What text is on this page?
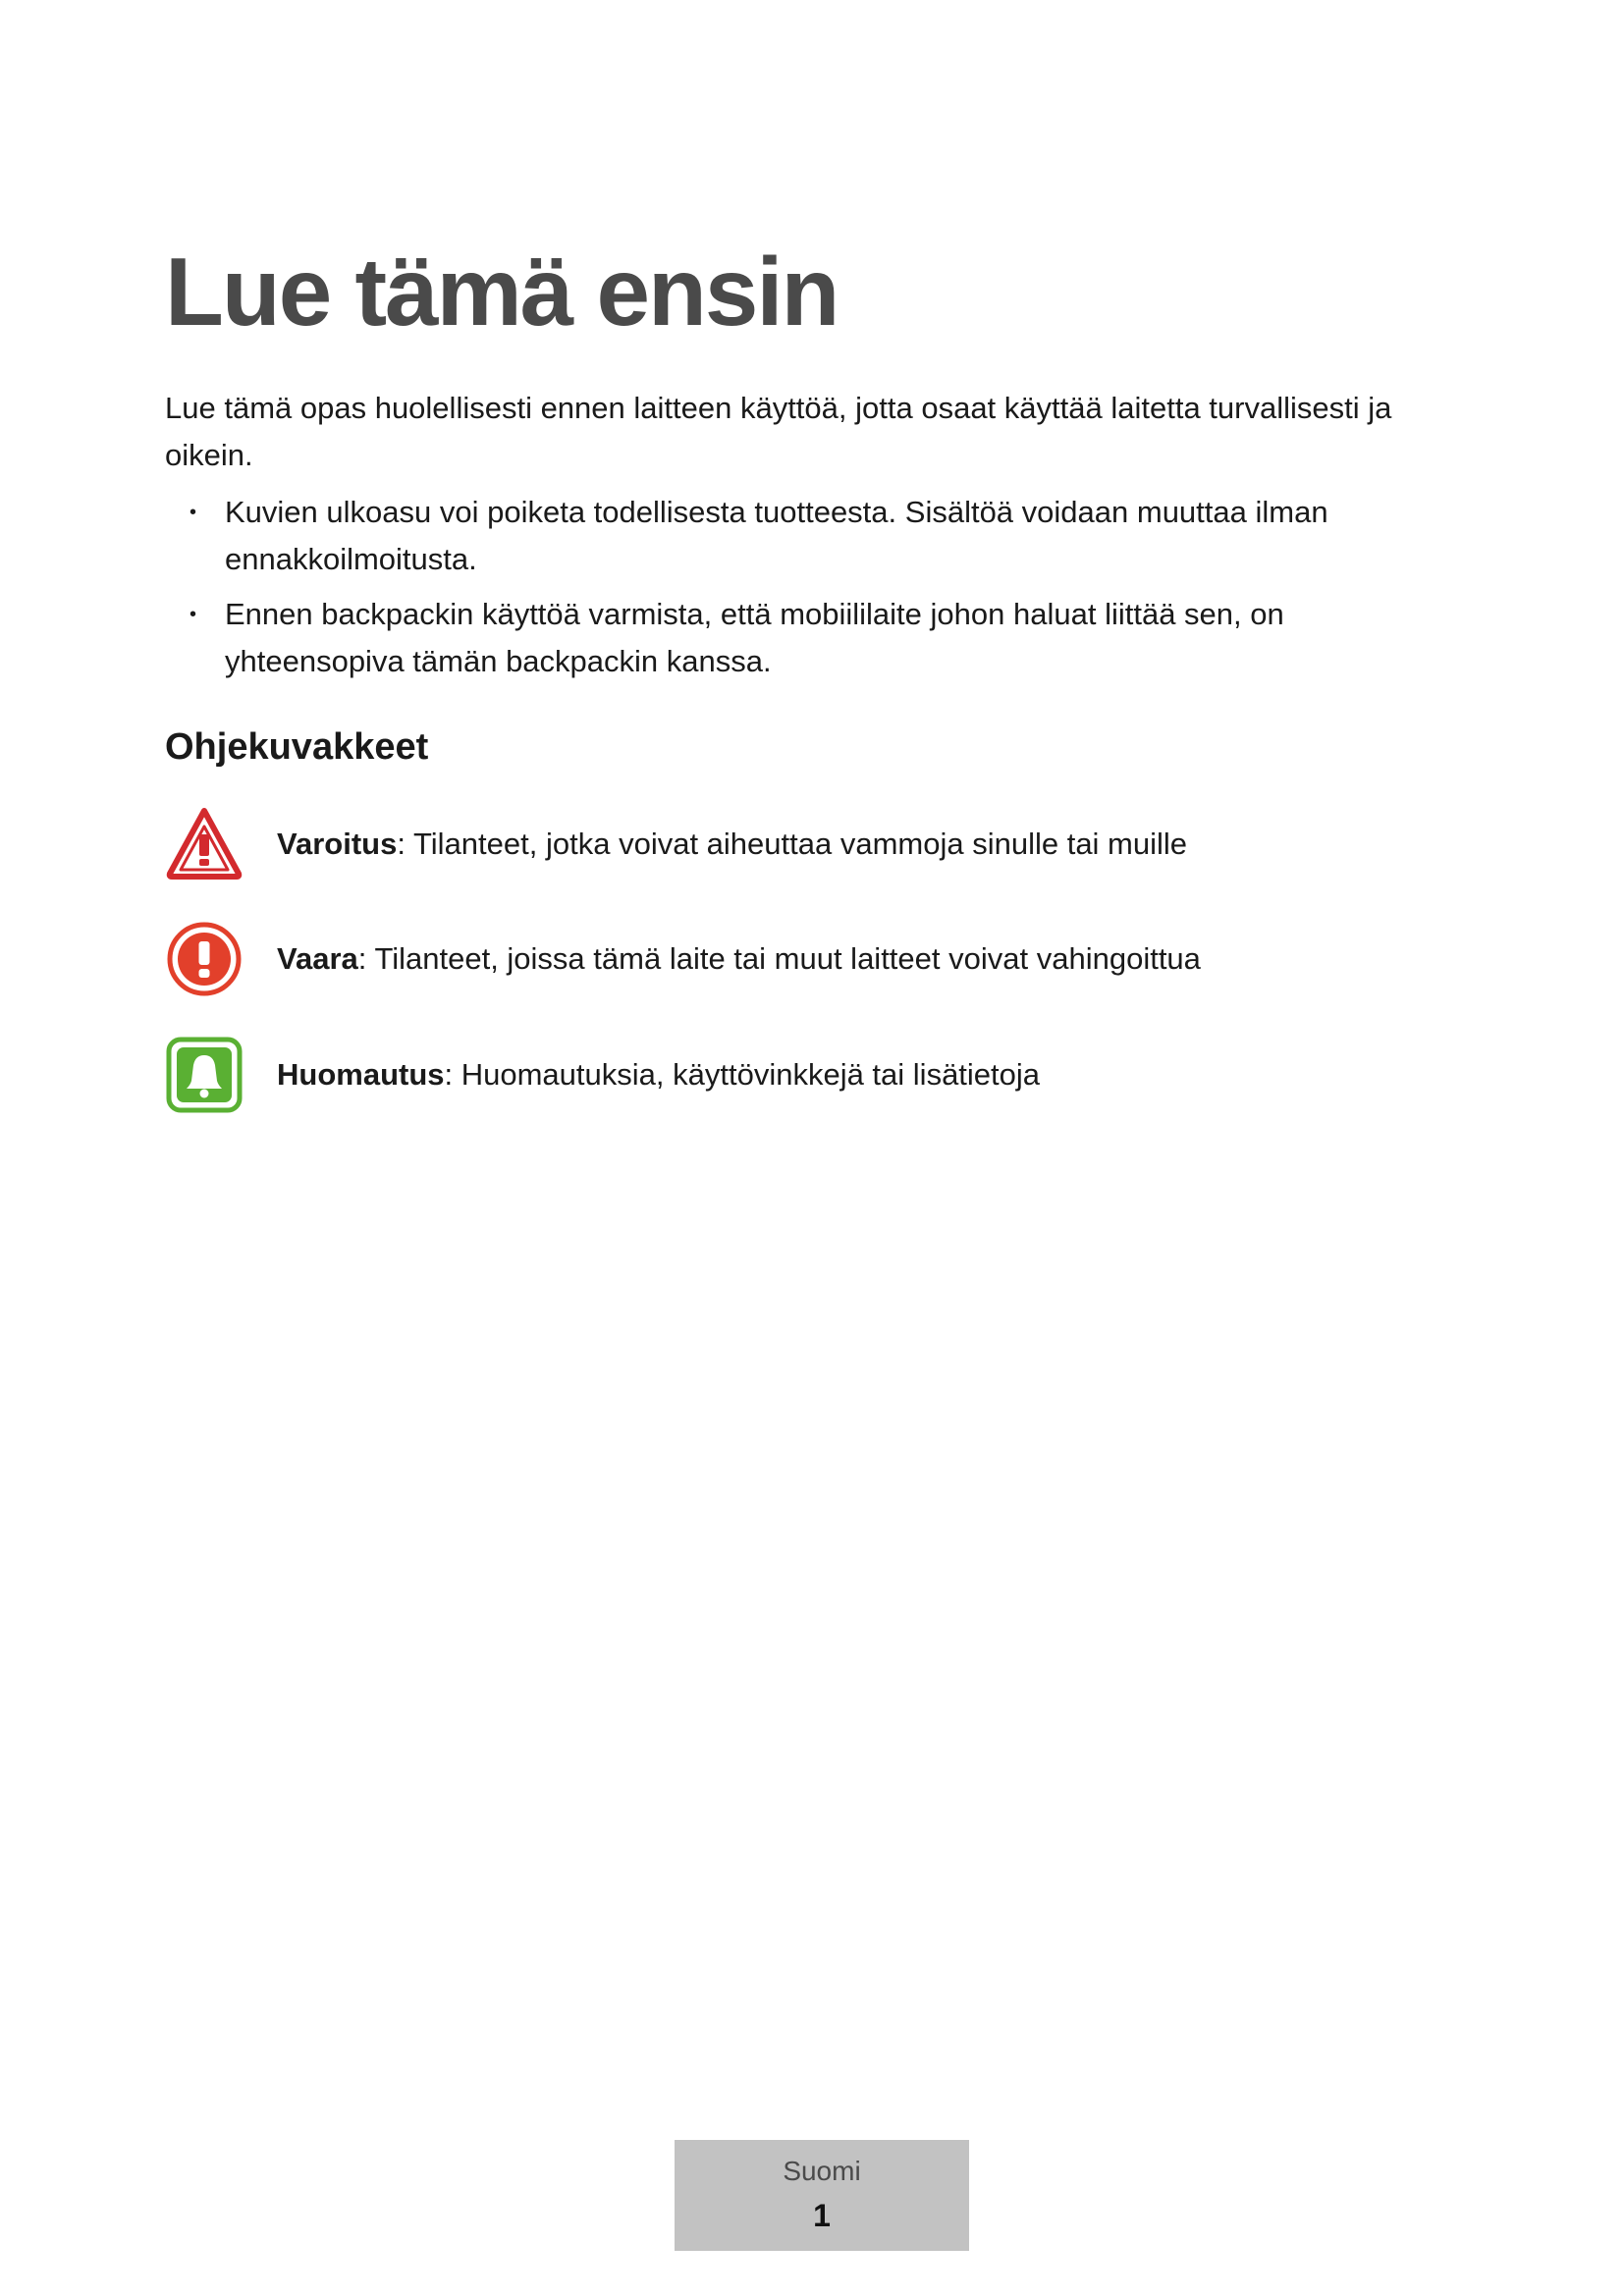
Lue tämä ensin

Lue tämä opas huolellisesti ennen laitteen käyttöä, jotta osaat käyttää laitetta turvallisesti ja oikein.

• Kuvien ulkoasu voi poiketa todellisesta tuotteesta. Sisältöä voidaan muuttaa ilman ennakkoilmoitusta.
• Ennen backpackin käyttöä varmista, että mobiililaite johon haluat liittää sen, on yhteensopiva tämän backpackin kanssa.
Ohjekuvakkeet
Varoitus: Tilanteet, jotka voivat aiheuttaa vammoja sinulle tai muille
Vaara: Tilanteet, joissa tämä laite tai muut laitteet voivat vahingoittua
Huomautus: Huomautuksia, käyttövinkkejä tai lisätietoja
Suomi
1
